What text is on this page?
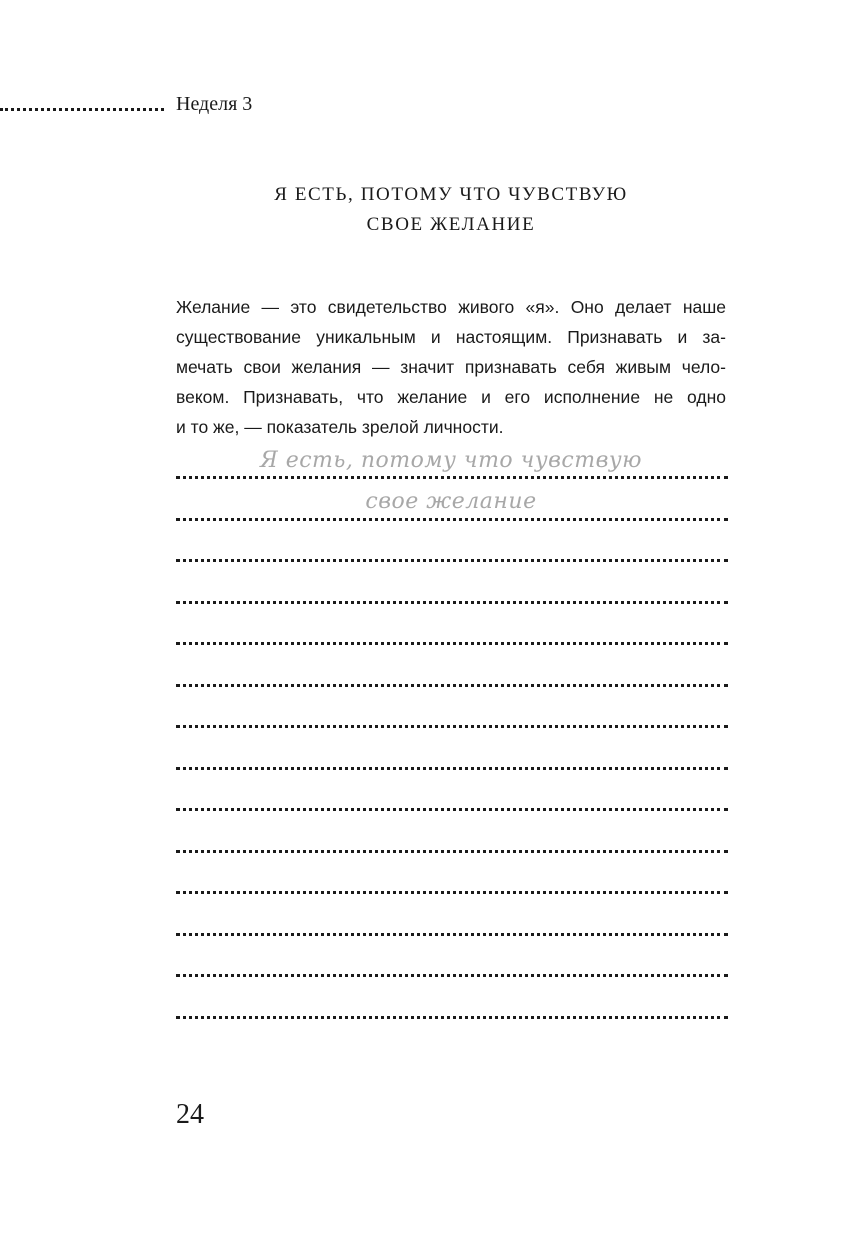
Неделя 3
Я ЕСТЬ, ПОТОМУ ЧТО ЧУВСТВУЮ
СВОЕ ЖЕЛАНИЕ
Желание — это свидетельство живого «я». Оно делает наше
существование уникальным и настоящим. Признавать и за-
мечать свои желания — значит признавать себя живым чело-
веком. Признавать, что желание и его исполнение не одно
и то же, — показатель зрелой личности.
Я есть, потому что чувствую
свое желание
24
